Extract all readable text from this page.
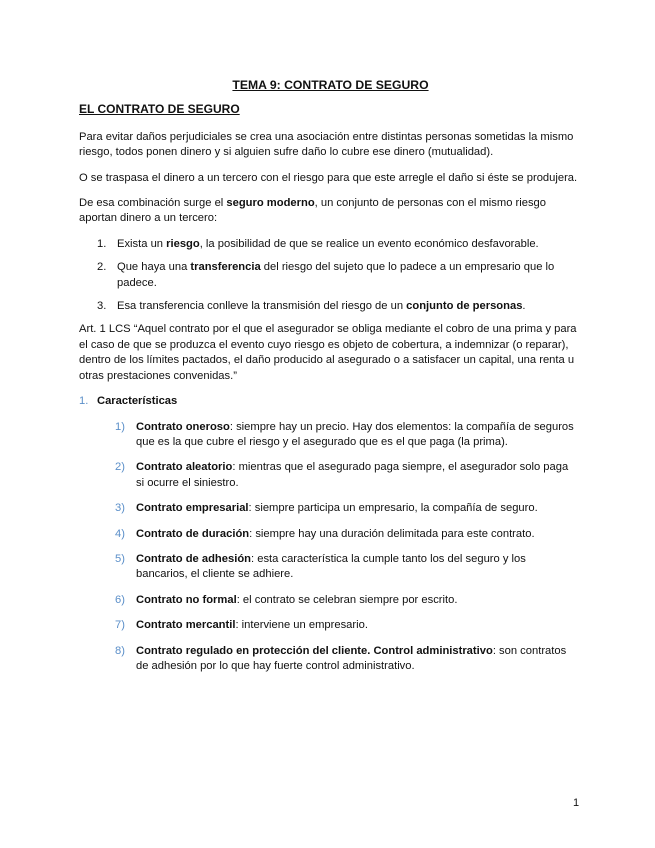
TEMA 9: CONTRATO DE SEGURO
EL CONTRATO DE SEGURO

Para evitar daños perjudiciales se crea una asociación entre distintas personas sometidas la mismo riesgo, todos ponen dinero y si alguien sufre daño lo cubre ese dinero (mutualidad).

O se traspasa el dinero a un tercero con el riesgo para que este arregle el daño si éste se produjera.

De esa combinación surge el seguro moderno, un conjunto de personas con el mismo riesgo aportan dinero a un tercero:

1. Exista un riesgo, la posibilidad de que se realice un evento económico desfavorable.
2. Que haya una transferencia del riesgo del sujeto que lo padece a un empresario que lo padece.
3. Esa transferencia conlleve la transmisión del riesgo de un conjunto de personas.

Art. 1 LCS “Aquel contrato por el que el asegurador se obliga mediante el cobro de una prima y para el caso de que se produzca el evento cuyo riesgo es objeto de cobertura, a indemnizar (o reparar), dentro de los límites pactados, el daño producido al asegurado o a satisfacer un capital, una renta u otras prestaciones convenidas.”

1. Características
1) Contrato oneroso: siempre hay un precio. Hay dos elementos: la compañía de seguros que es la que cubre el riesgo y el asegurado que es el que paga (la prima).
2) Contrato aleatorio: mientras que el asegurado paga siempre, el asegurador solo paga si ocurre el siniestro.
3) Contrato empresarial: siempre participa un empresario, la compañía de seguro.
4) Contrato de duración: siempre hay una duración delimitada para este contrato.
5) Contrato de adhesión: esta característica la cumple tanto los del seguro y los bancarios, el cliente se adhiere.
6) Contrato no formal: el contrato se celebran siempre por escrito.
7) Contrato mercantil: interviene un empresario.
8) Contrato regulado en protección del cliente. Control administrativo: son contratos de adhesión por lo que hay fuerte control administrativo.
1
